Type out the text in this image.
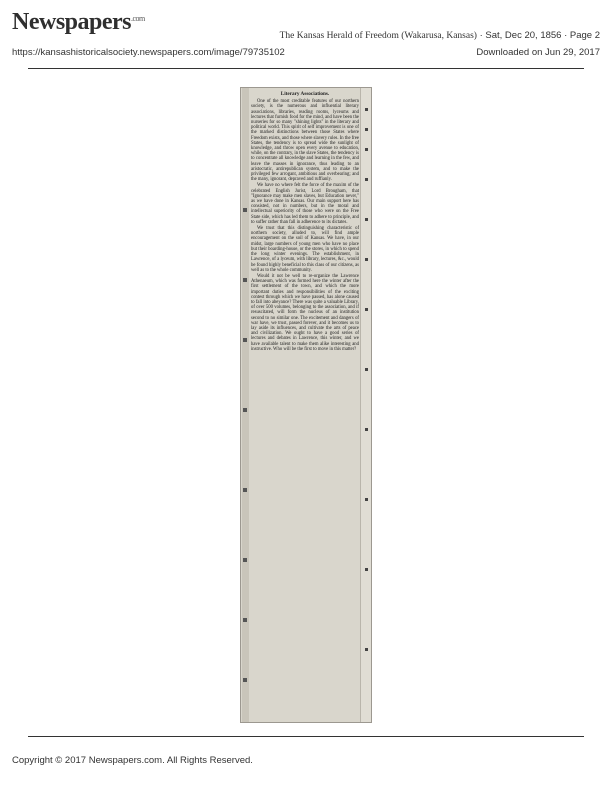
Newspapers$^{.com}$
The Kansas Herald of Freedom (Wakarusa, Kansas) · Sat, Dec 20, 1856 · Page 2
https://kansashistoricalsociety.newspapers.com/image/79735102	Downloaded on Jun 29, 2017
Literary Associations.

One of the most creditable features of our northern society, is the numerous and influential literary associations, libraries, reading rooms, lyceums and lectures that furnish food for the mind, and have been the nurseries for so many "shining lights" in the literary and political world. This spirit of self improvement is one of the marked distinctions between those States where Freedom exists, and those where slavery rules. In the free States, the tendency is to spread wide the sunlight of knowledge, and throw open every avenue to education, while, on the contrary, in the slave States, the tendency is to concentrate all knowledge and learning in the few, and leave the masses in ignorance, thus leading to an aristocratic, antirepublican system, and to make the privileged few arrogant, ambitious and overbearing; and the many, ignorant, depraved and ruffianly.

We have no where felt the force of the maxim of the celebrated English Jurist, Lord Brougham, that "Ignorance may make men slaves, but Education never," as we have done in Kansas. Our main support here has consisted, not in numbers, but in the moral and intellectual superiority of those who were on the Free State side, which has led them to adhere to principle, and to suffer rather than fall in adherence to its dictates.

We trust that this distinguishing characteristic of northern society, alluded to, will find ample encouragement on the soil of Kansas. We have, in our midst, large numbers of young men who have no place but their boarding-house, or the stores, in which to spend the long winter evenings. The establishment, in Lawrence, of a lyceum, with library, lectures, &c., would be found highly beneficial to this class of our citizens, as well as to the whole community.

Would it not be well to re-organize the Lawrence Athenaeum, which was formed here the winter after the first settlement of the town, and which the more important duties and responsibilities of the exciting contest through which we have passed, has alone caused to fall into abeyance? There was quite a valuable Library, of over 500 volumes, belonging to the association, and if resuscitated, will form the nucleus of an institution second to no similar one. The excitement and dangers of war have, we trust, passed forever, and it becomes us to lay aside its influences, and cultivate the arts of peace and civilization. We ought to have a good series of lectures and debates in Lawrence, this winter, and we have available talent to make them alike interesting and instructive. Who will be the first to move in this matter?

Copyright © 2017 Newspapers.com. All Rights Reserved.
